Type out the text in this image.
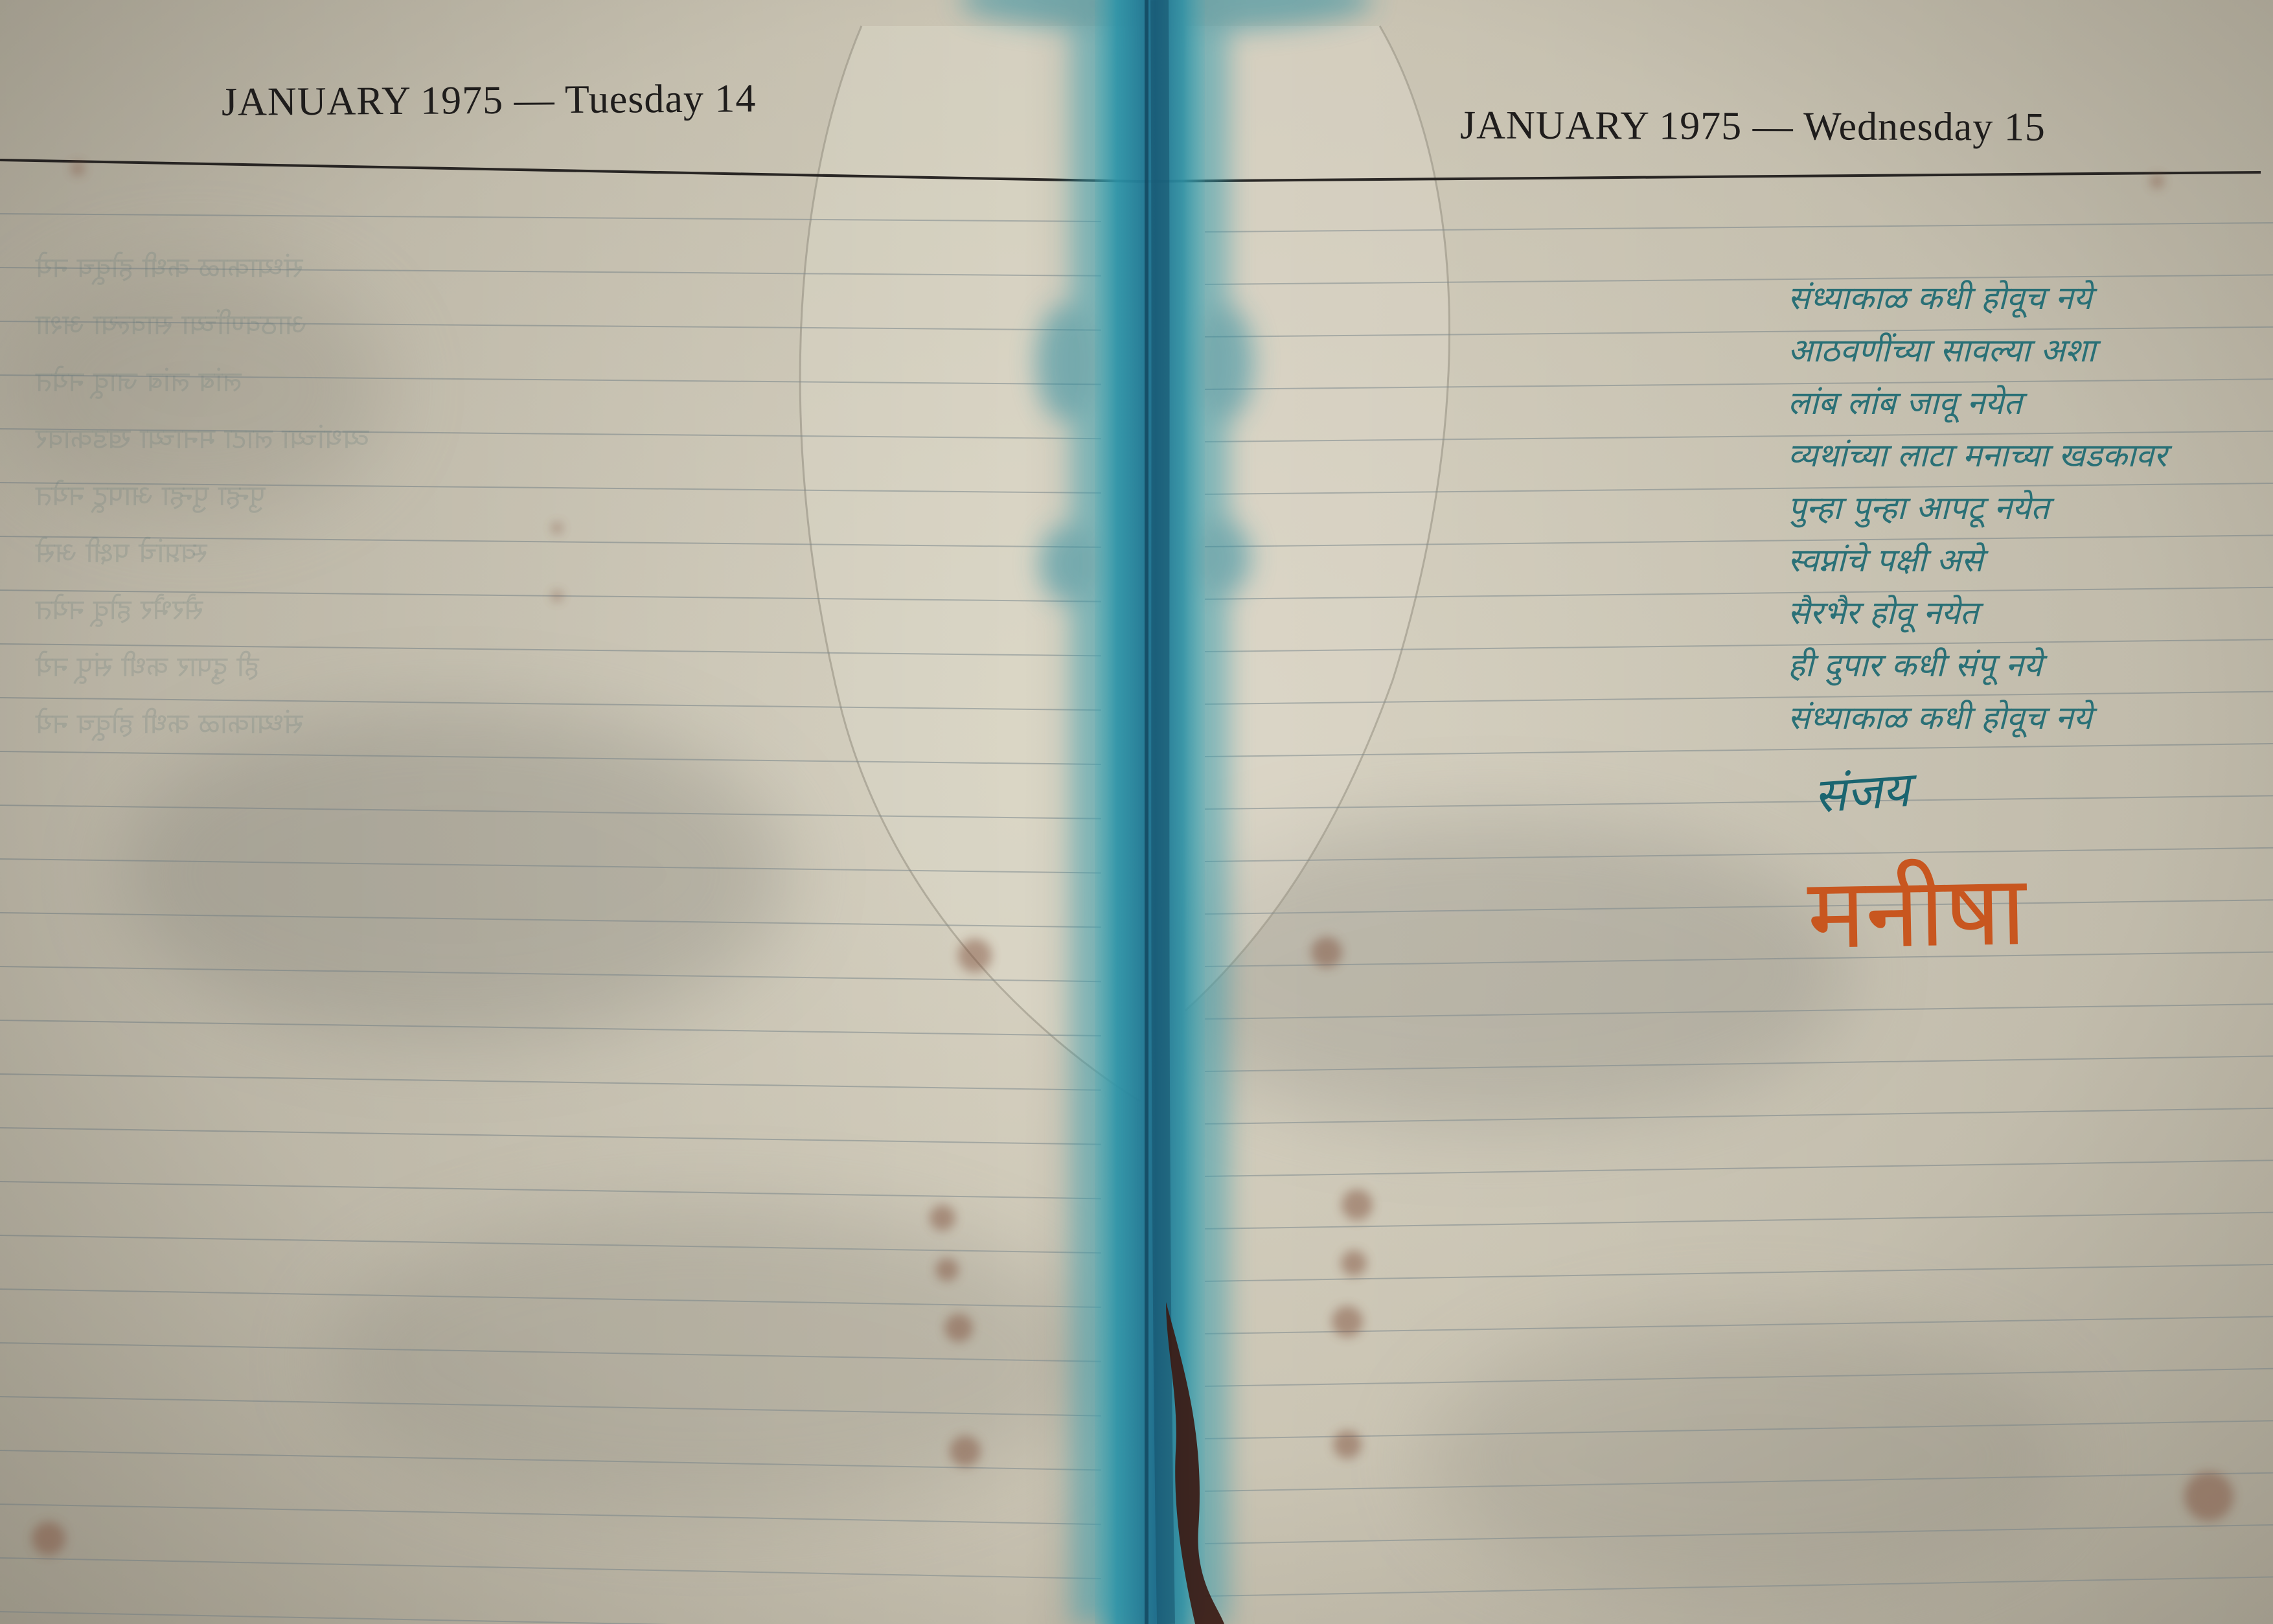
संध्याकाळ कधी होवूच नये
आठवणींच्या सावल्या अशा
लांब लांब जावू नयेत
व्यथांच्या लाटा मनाच्या खडकावर
पुन्हा पुन्हा आपटू नयेत
स्वप्नांचे पक्षी असे
सैरभैर होवू नयेत
ही दुपार कधी संपू नये
संध्याकाळ कधी होवूच नये
JANUARY 1975 — Tuesday 14
JANUARY 1975 — Wednesday 15
संध्याकाळ कधी होवूच नये
आठवणींच्या सावल्या अशा
लांब लांब जावू नयेत
व्यथांच्या लाटा मनाच्या खडकावर
पुन्हा पुन्हा आपटू नयेत
स्वप्नांचे पक्षी असे
सैरभैर होवू नयेत
ही दुपार कधी संपू नये
संध्याकाळ कधी होवूच नये
संजय
मनीषा
